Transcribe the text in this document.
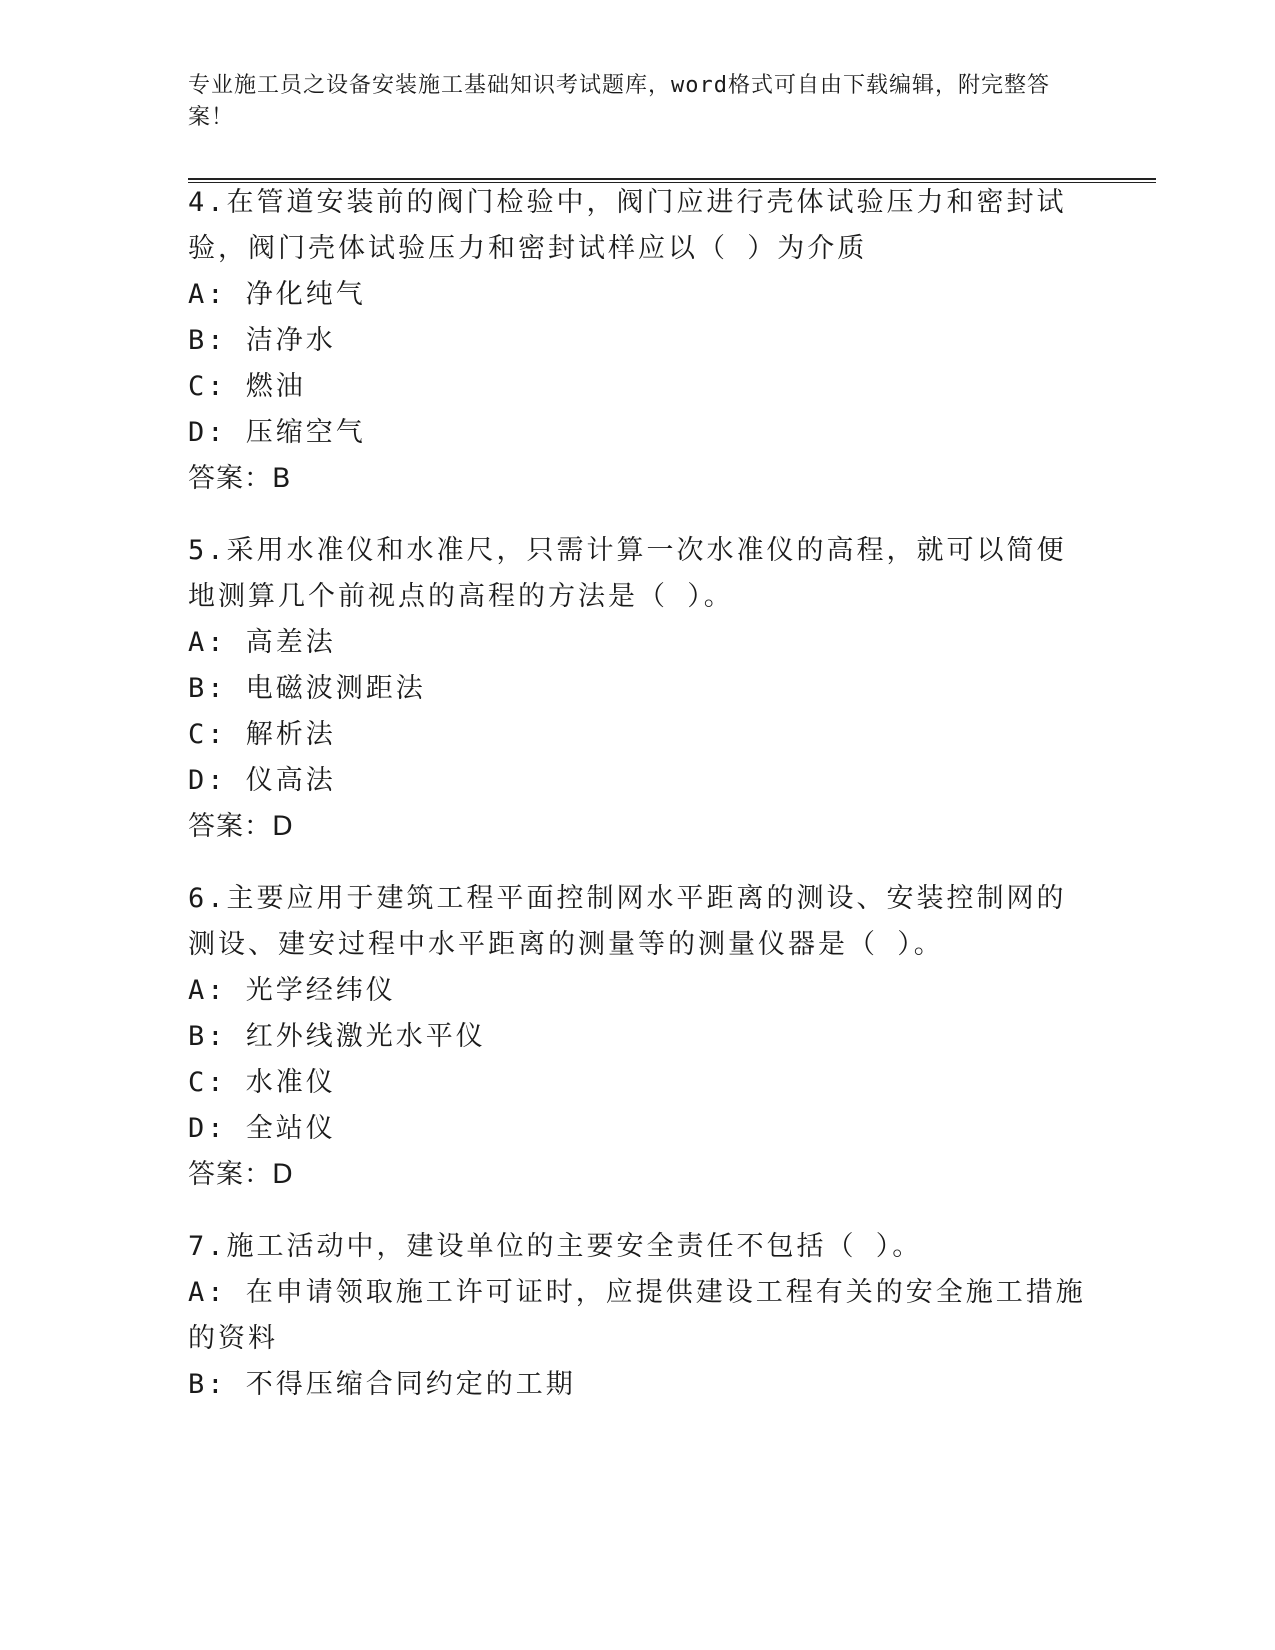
专业施工员之设备安装施工基础知识考试题库，word格式可自由下载编辑，附完整答案！

4.在管道安装前的阀门检验中，阀门应进行壳体试验压力和密封试验，阀门壳体试验压力和密封试样应以（ ）为介质

A: 净化纯气

B: 洁净水

C: 燃油

D: 压缩空气

答案：B

5.采用水准仪和水准尺，只需计算一次水准仪的高程，就可以简便地测算几个前视点的高程的方法是（ ）。

A: 高差法

B: 电磁波测距法

C: 解析法

D: 仪高法

答案：D

6.主要应用于建筑工程平面控制网水平距离的测设、安装控制网的测设、建安过程中水平距离的测量等的测量仪器是（ ）。

A: 光学经纬仪

B: 红外线激光水平仪

C: 水准仪

D: 全站仪

答案：D

7.施工活动中，建设单位的主要安全责任不包括（ ）。

A: 在申请领取施工许可证时，应提供建设工程有关的安全施工措施的资料

B: 不得压缩合同约定的工期
